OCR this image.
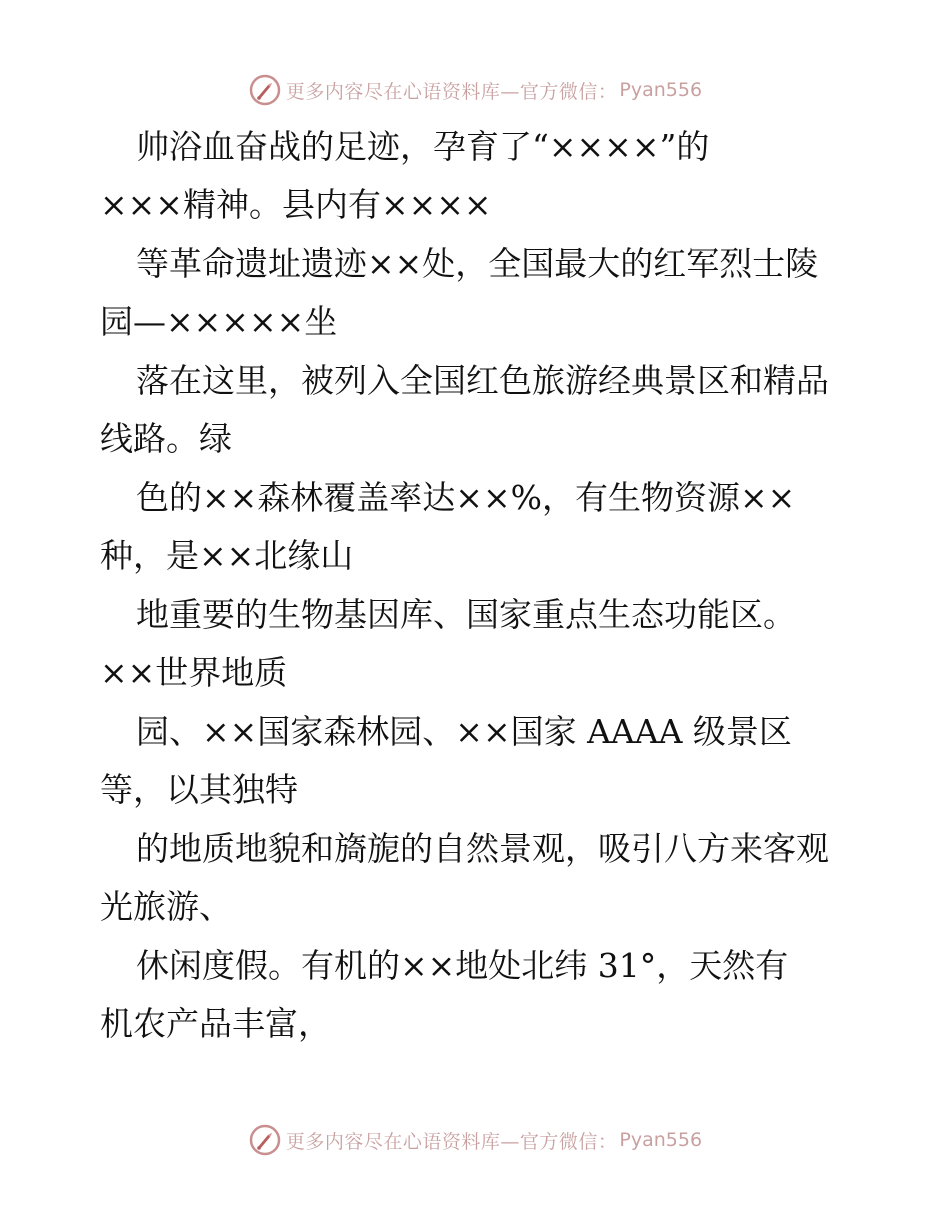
更多内容尽在心语资料库—官方微信： Pyan556
帅浴血奋战的足迹，孕育了“××××”的
×××精神。县内有××××
等革命遗址遗迹××处，全国最大的红军烈士陵
园—×××××坐
落在这里，被列入全国红色旅游经典景区和精品
线路。绿
色的××森林覆盖率达××%，有生物资源××
种，是××北缘山
地重要的生物基因库、国家重点生态功能区。
××世界地质
园、××国家森林园、××国家 AAAA 级景区
等，以其独特
的地质地貌和旖旎的自然景观，吸引八方来客观
光旅游、
休闲度假。有机的××地处北纬 31°，天然有
机农产品丰富，
更多内容尽在心语资料库—官方微信： Pyan556
